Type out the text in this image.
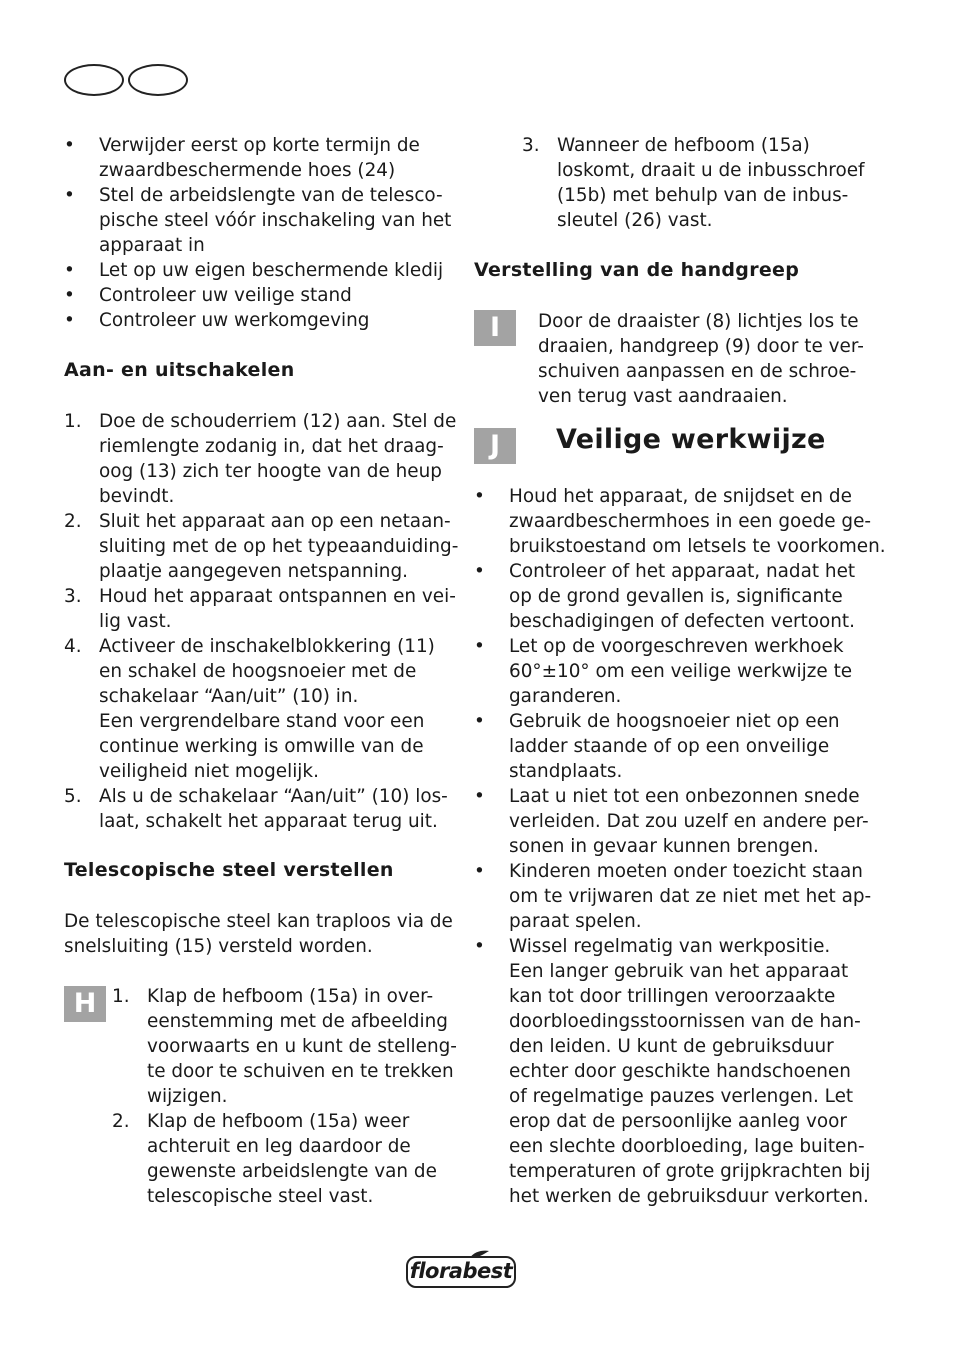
• Verwijder eerst op korte termijn de
zwaardbeschermende hoes (24)
• Stel de arbeidslengte van de telesco-
pische steel vóór inschakeling van het
apparaat in
• Let op uw eigen beschermende kledij
• Controleer uw veilige stand
• Controleer uw werkomgeving
Aan- en uitschakelen
1. Doe de schouderriem (12) aan. Stel de
riemlengte zodanig in, dat het draag-
oog (13) zich ter hoogte van de heup
bevindt.
2. Sluit het apparaat aan op een netaan-
sluiting met de op het typeaanduiding-
plaatje aangegeven netspanning.
3. Houd het apparaat ontspannen en vei-
lig vast.
4. Activeer de inschakelblokkering (11)
en schakel de hoogsnoeier met de
schakelaar “Aan/uit” (10) in.
Een vergrendelbare stand voor een
continue werking is omwille van de
veiligheid niet mogelijk.
5. Als u de schakelaar “Aan/uit” (10) los-
laat, schakelt het apparaat terug uit.
Telescopische steel verstellen
De telescopische steel kan traploos via de
snelsluiting (15) versteld worden.
H 1. Klap de hefboom (15a) in over-
eenstemming met de afbeelding
voorwaarts en u kunt de stelleng-
te door te schuiven en te trekken
wijzigen.
2. Klap de hefboom (15a) weer
achteruit en leg daardoor de
gewenste arbeidslengte van de
telescopische steel vast.
3. Wanneer de hefboom (15a)
loskomt, draait u de inbusschroef
(15b) met behulp van de inbus-
sleutel (26) vast.
Verstelling van de handgreep
I	Door de draaister (8) lichtjes los te
draaien, handgreep (9) door te ver-
schuiven aanpassen en de schroe-
ven terug vast aandraaien.
J	Veilige werkwijze
• Houd het apparaat, de snijdset en de
zwaardbeschermhoes in een goede ge-
bruikstoestand om letsels te voorkomen.
• Controleer of het apparaat, nadat het
op de grond gevallen is, significante
beschadigingen of defecten vertoont.
• Let op de voorgeschreven werkhoek
60°±10° om een veilige werkwijze te
garanderen.
• Gebruik de hoogsnoeier niet op een
ladder staande of op een onveilige
standplaats.
• Laat u niet tot een onbezonnen snede
verleiden. Dat zou uzelf en andere per-
sonen in gevaar kunnen brengen.
• Kinderen moeten onder toezicht staan
om te vrijwaren dat ze niet met het ap-
paraat spelen.
• Wissel regelmatig van werkpositie.
Een langer gebruik van het apparaat
kan tot door trillingen veroorzaakte
doorbloedingsstoornissen van de han-
den leiden. U kunt de gebruiksduur
echter door geschikte handschoenen
of regelmatige pauzes verlengen. Let
erop dat de persoonlijke aanleg voor
een slechte doorbloeding, lage buiten-
temperaturen of grote grijpkrachten bij
het werken de gebruiksduur verkorten.
florabest
